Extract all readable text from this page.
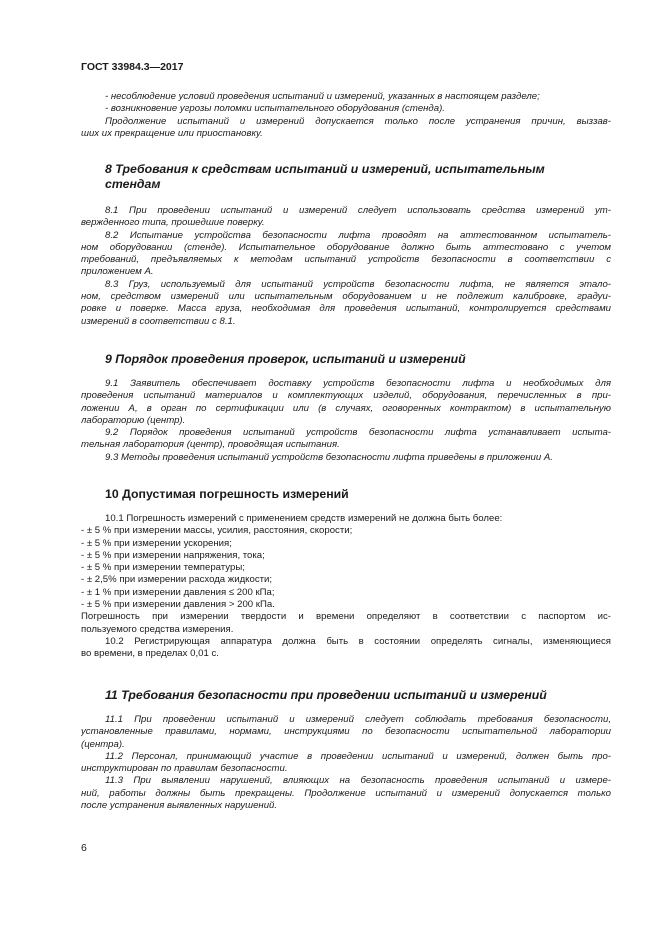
ГОСТ 33984.3—2017
- несоблюдение условий проведения испытаний и измерений, указанных в настоящем разделе;
- возникновение угрозы поломки испытательного оборудования (стенда).
Продолжение испытаний и измерений допускается только после устранения причин, выззав-
ших их прекращение или приостановку.
8 Требования к средствам испытаний и измерений, испытательным
стендам
8.1 При проведении испытаний и измерений следует использовать средства измерений ут-
вержденного типа, прошедшие поверку.
8.2 Испытание устройства безопасности лифта проводят на аттестованном испытатель-
ном оборудовании (стенде). Испытательное оборудование должно быть аттестовано с учетом
требований, предъявляемых к методам испытаний устройств безопасности в соответствии с
приложением А.
8.3 Груз, используемый для испытаний устройств безопасности лифта, не является этало-
ном, средством измерений или испытательным оборудованием и не подлежит калибровке, градуи-
ровке и поверке. Масса груза, необходимая для проведения испытаний, контролируется средствами
измерений в соответствии с 8.1.
9 Порядок проведения проверок, испытаний и измерений
9.1 Заявитель обеспечивает доставку устройств безопасности лифта и необходимых для
проведения испытаний материалов и комплектующих изделий, оборудования, перечисленных в при-
ложении А, в орган по сертификации или (в случаях, оговоренных контрактом) в испытательную
лабораторию (центр).
9.2 Порядок проведения испытаний устройств безопасности лифта устанавливает испыта-
тельная лаборатория (центр), проводящая испытания.
9.3 Методы проведения испытаний устройств безопасности лифта приведены в приложении А.
10 Допустимая погрешность измерений
10.1 Погрешность измерений с применением средств измерений не должна быть более:
- ± 5 % при измерении массы, усилия, расстояния, скорости;
- ± 5 % при измерении ускорения;
- ± 5 % при измерении напряжения, тока;
- ± 5 % при измерении температуры;
- ± 2,5% при измерении расхода жидкости;
- ± 1 % при измерении давления ≤ 200 кПа;
- ± 5 % при измерении давления > 200 кПа.
Погрешность при измерении твердости и времени определяют в соответствии с паспортом ис-
пользуемого средства измерения.
10.2 Регистрирующая аппаратура должна быть в состоянии определять сигналы, изменяющиеся
во времени, в пределах 0,01 с.
11 Требования безопасности при проведении испытаний и измерений
11.1 При проведении испытаний и измерений следует соблюдать требования безопасности,
установленные правилами, нормами, инструкциями по безопасности испытательной лаборатории
(центра).
11.2 Персонал, принимающий участие в проведении испытаний и измерений, должен быть про-
инструктирован по правилам безопасности.
11.3 При выявлении нарушений, влияющих на безопасность проведения испытаний и измере-
ний, работы должны быть прекращены. Продолжение испытаний и измерений допускается только
после устранения выявленных нарушений.
6
